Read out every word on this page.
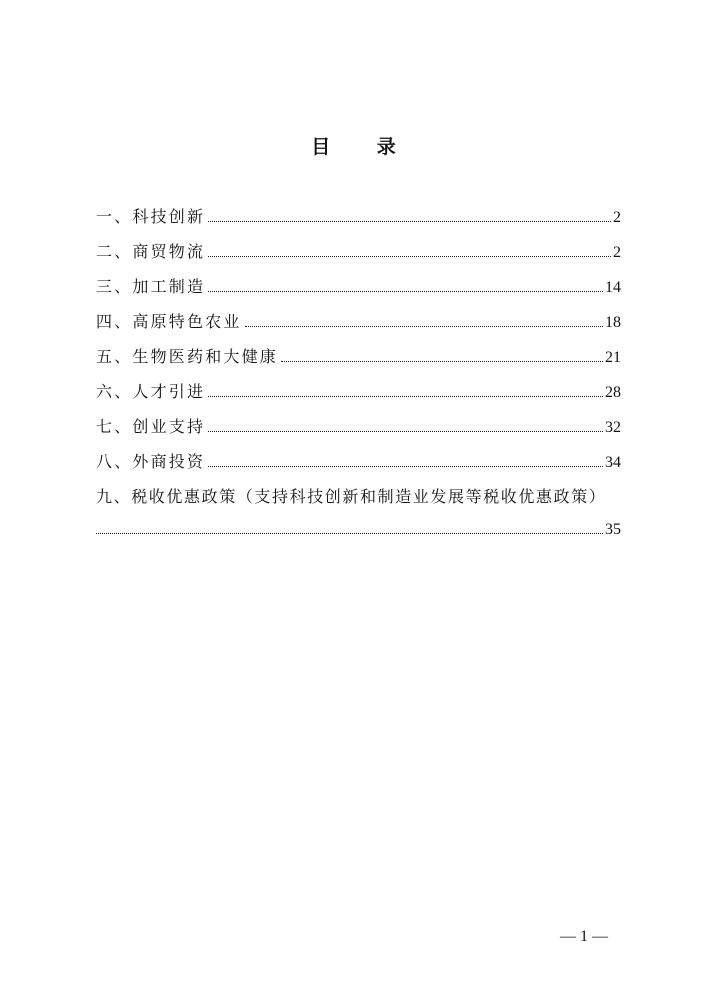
目 录
一、科技创新	2
二、商贸物流	2
三、加工制造	14
四、高原特色农业	18
五、生物医药和大健康	21
六、人才引进	28
七、创业支持	32
八、外商投资	34
九、税收优惠政策（支持科技创新和制造业发展等税收优惠政策）
35
— 1 —
